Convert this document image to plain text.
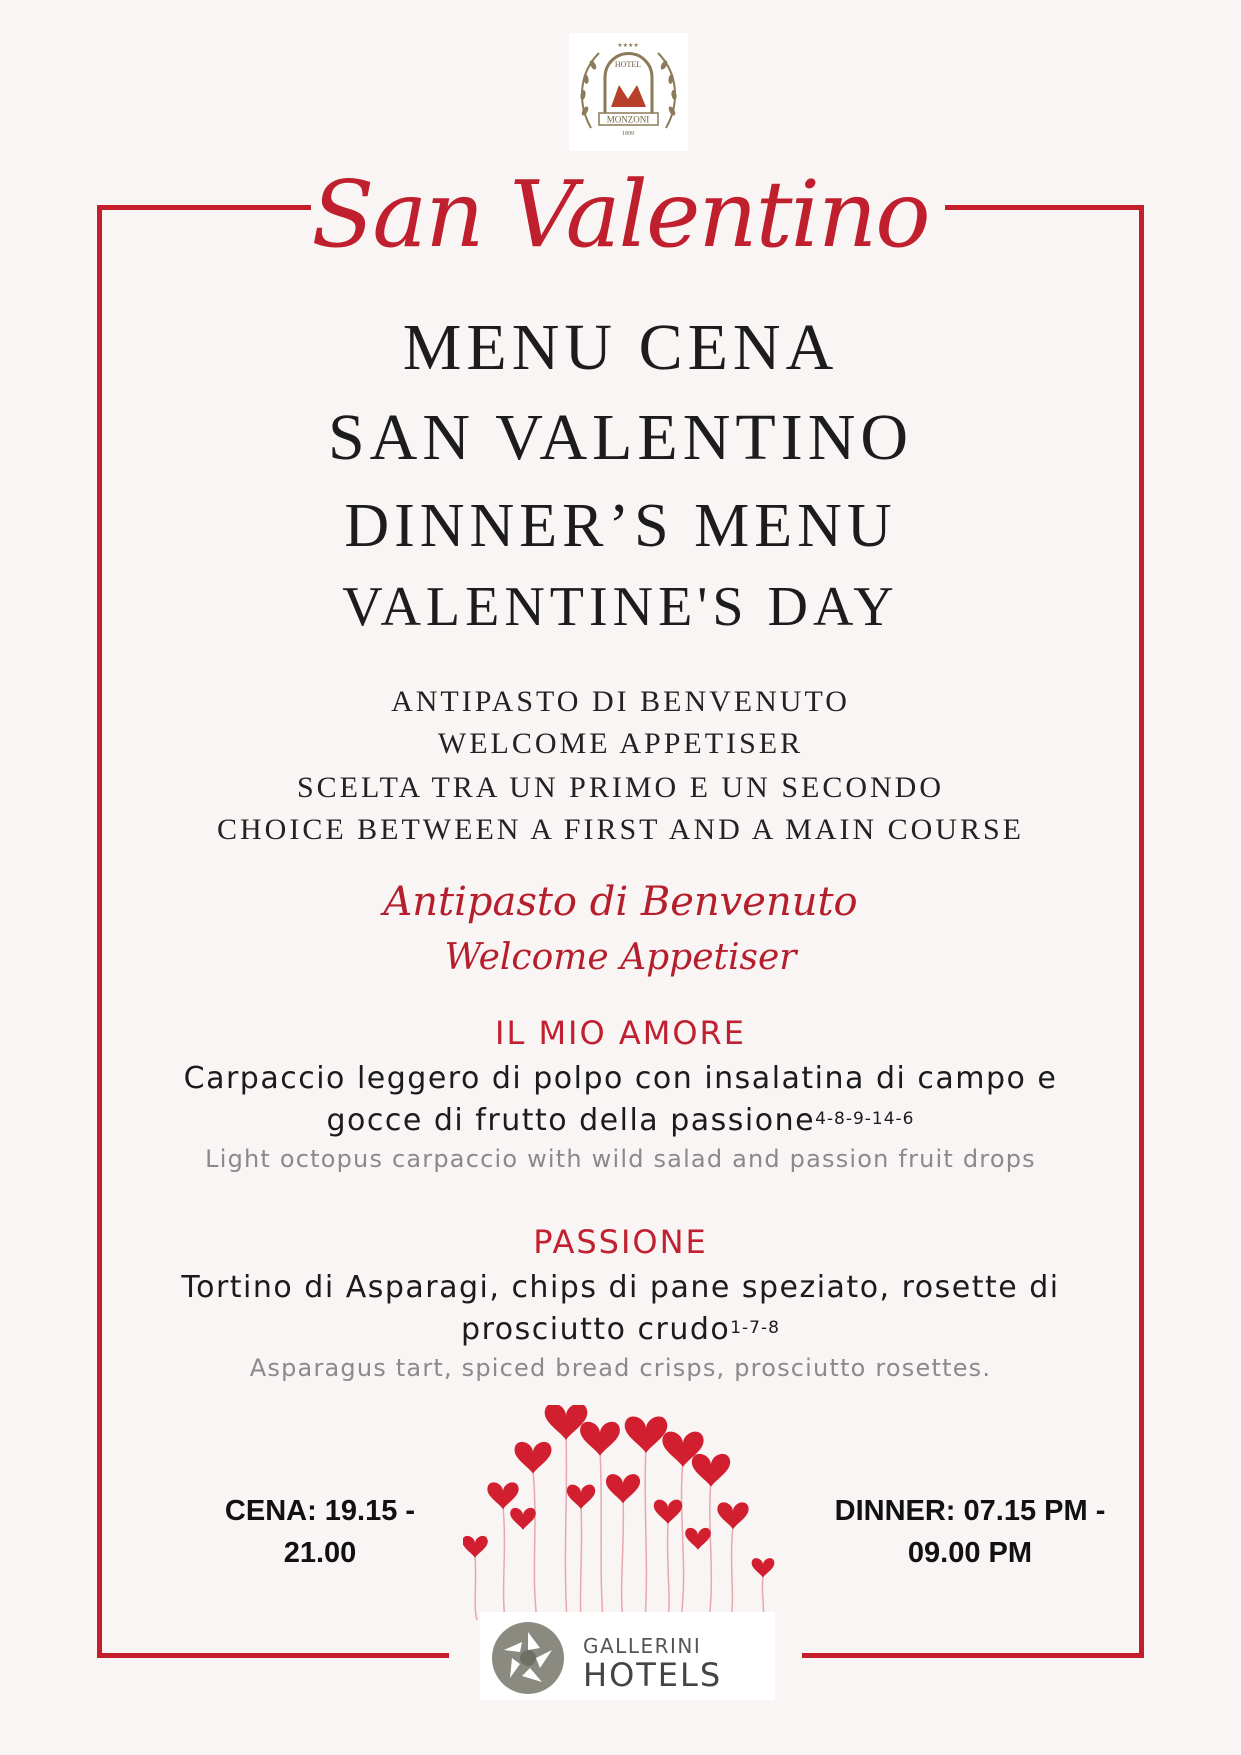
MONZONI
HOTEL
★★★★
1899
San Valentino
MENU CENA
SAN VALENTINO
DINNER’S MENU
VALENTINE'S DAY
ANTIPASTO DI BENVENUTO
WELCOME APPETISER
SCELTA TRA UN PRIMO E UN SECONDO
CHOICE BETWEEN A FIRST AND A MAIN COURSE
Antipasto di Benvenuto
Welcome Appetiser
IL MIO AMORE
Carpaccio leggero di polpo con insalatina di campo e
gocce di frutto della passione$^{4-8-9-14-6}$
Light octopus carpaccio with wild salad and passion fruit drops
PASSIONE
Tortino di Asparagi, chips di pane speziato, rosette di
prosciutto crudo$^{1-7-8}$
Asparagus tart, spiced bread crisps, prosciutto rosettes.
CENA: 19.15 -
21.00
DINNER: 07.15 PM -
09.00 PM
GALLERINI
HOTELS
